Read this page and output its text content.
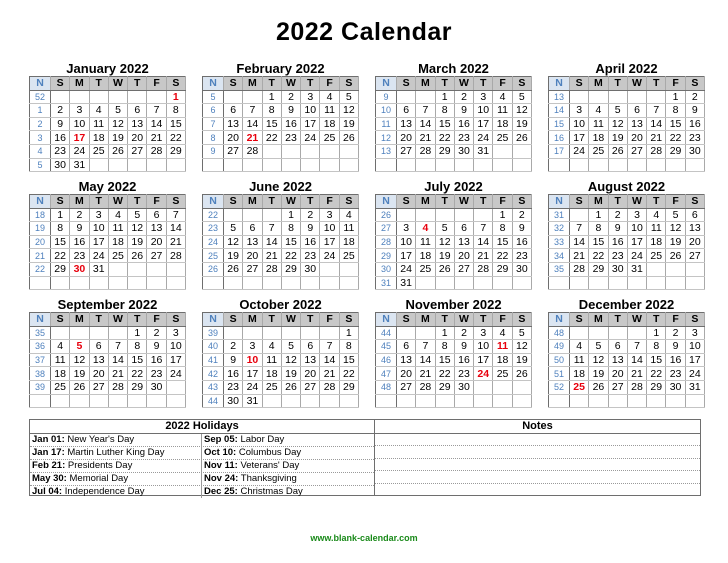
2022 Calendar
January 2022
N	S	M	T	W	T	F	S
52							1
1	2	3	4	5	6	7	8
2	9	10	11	12	13	14	15
3	16	17	18	19	20	21	22
4	23	24	25	26	27	28	29
5	30	31					
February 2022
N	S	M	T	W	T	F	S
5			1	2	3	4	5
6	6	7	8	9	10	11	12
7	13	14	15	16	17	18	19
8	20	21	22	23	24	25	26
9	27	28					

March 2022
N	S	M	T	W	T	F	S
9			1	2	3	4	5
10	6	7	8	9	10	11	12
11	13	14	15	16	17	18	19
12	20	21	22	23	24	25	26
13	27	28	29	30	31		

April 2022
N	S	M	T	W	T	F	S
13						1	2
14	3	4	5	6	7	8	9
15	10	11	12	13	14	15	16
16	17	18	19	20	21	22	23
17	24	25	26	27	28	29	30

May 2022
N	S	M	T	W	T	F	S
18	1	2	3	4	5	6	7
19	8	9	10	11	12	13	14
20	15	16	17	18	19	20	21
21	22	23	24	25	26	27	28
22	29	30	31				

June 2022
N	S	M	T	W	T	F	S
22				1	2	3	4
23	5	6	7	8	9	10	11
24	12	13	14	15	16	17	18
25	19	20	21	22	23	24	25
26	26	27	28	29	30		

July 2022
N	S	M	T	W	T	F	S
26						1	2
27	3	4	5	6	7	8	9
28	10	11	12	13	14	15	16
29	17	18	19	20	21	22	23
30	24	25	26	27	28	29	30
31	31						
August 2022
N	S	M	T	W	T	F	S
31		1	2	3	4	5	6
32	7	8	9	10	11	12	13
33	14	15	16	17	18	19	20
34	21	22	23	24	25	26	27
35	28	29	30	31			

September 2022
N	S	M	T	W	T	F	S
35					1	2	3
36	4	5	6	7	8	9	10
37	11	12	13	14	15	16	17
38	18	19	20	21	22	23	24
39	25	26	27	28	29	30	

October 2022
N	S	M	T	W	T	F	S
39							1
40	2	3	4	5	6	7	8
41	9	10	11	12	13	14	15
42	16	17	18	19	20	21	22
43	23	24	25	26	27	28	29
44	30	31					
November 2022
N	S	M	T	W	T	F	S
44			1	2	3	4	5
45	6	7	8	9	10	11	12
46	13	14	15	16	17	18	19
47	20	21	22	23	24	25	26
48	27	28	29	30			

December 2022
N	S	M	T	W	T	F	S
48					1	2	3
49	4	5	6	7	8	9	10
50	11	12	13	14	15	16	17
51	18	19	20	21	22	23	24
52	25	26	27	28	29	30	31

2022 Holidays
Jan 01: New Year's Day	Sep 05: Labor Day
Jan 17: Martin Luther King Day	Oct 10: Columbus Day
Feb 21: Presidents Day	Nov 11: Veterans' Day
May 30: Memorial Day	Nov 24: Thanksgiving
Jul 04: Independence Day	Dec 25: Christmas Day
Notes
www.blank-calendar.com
